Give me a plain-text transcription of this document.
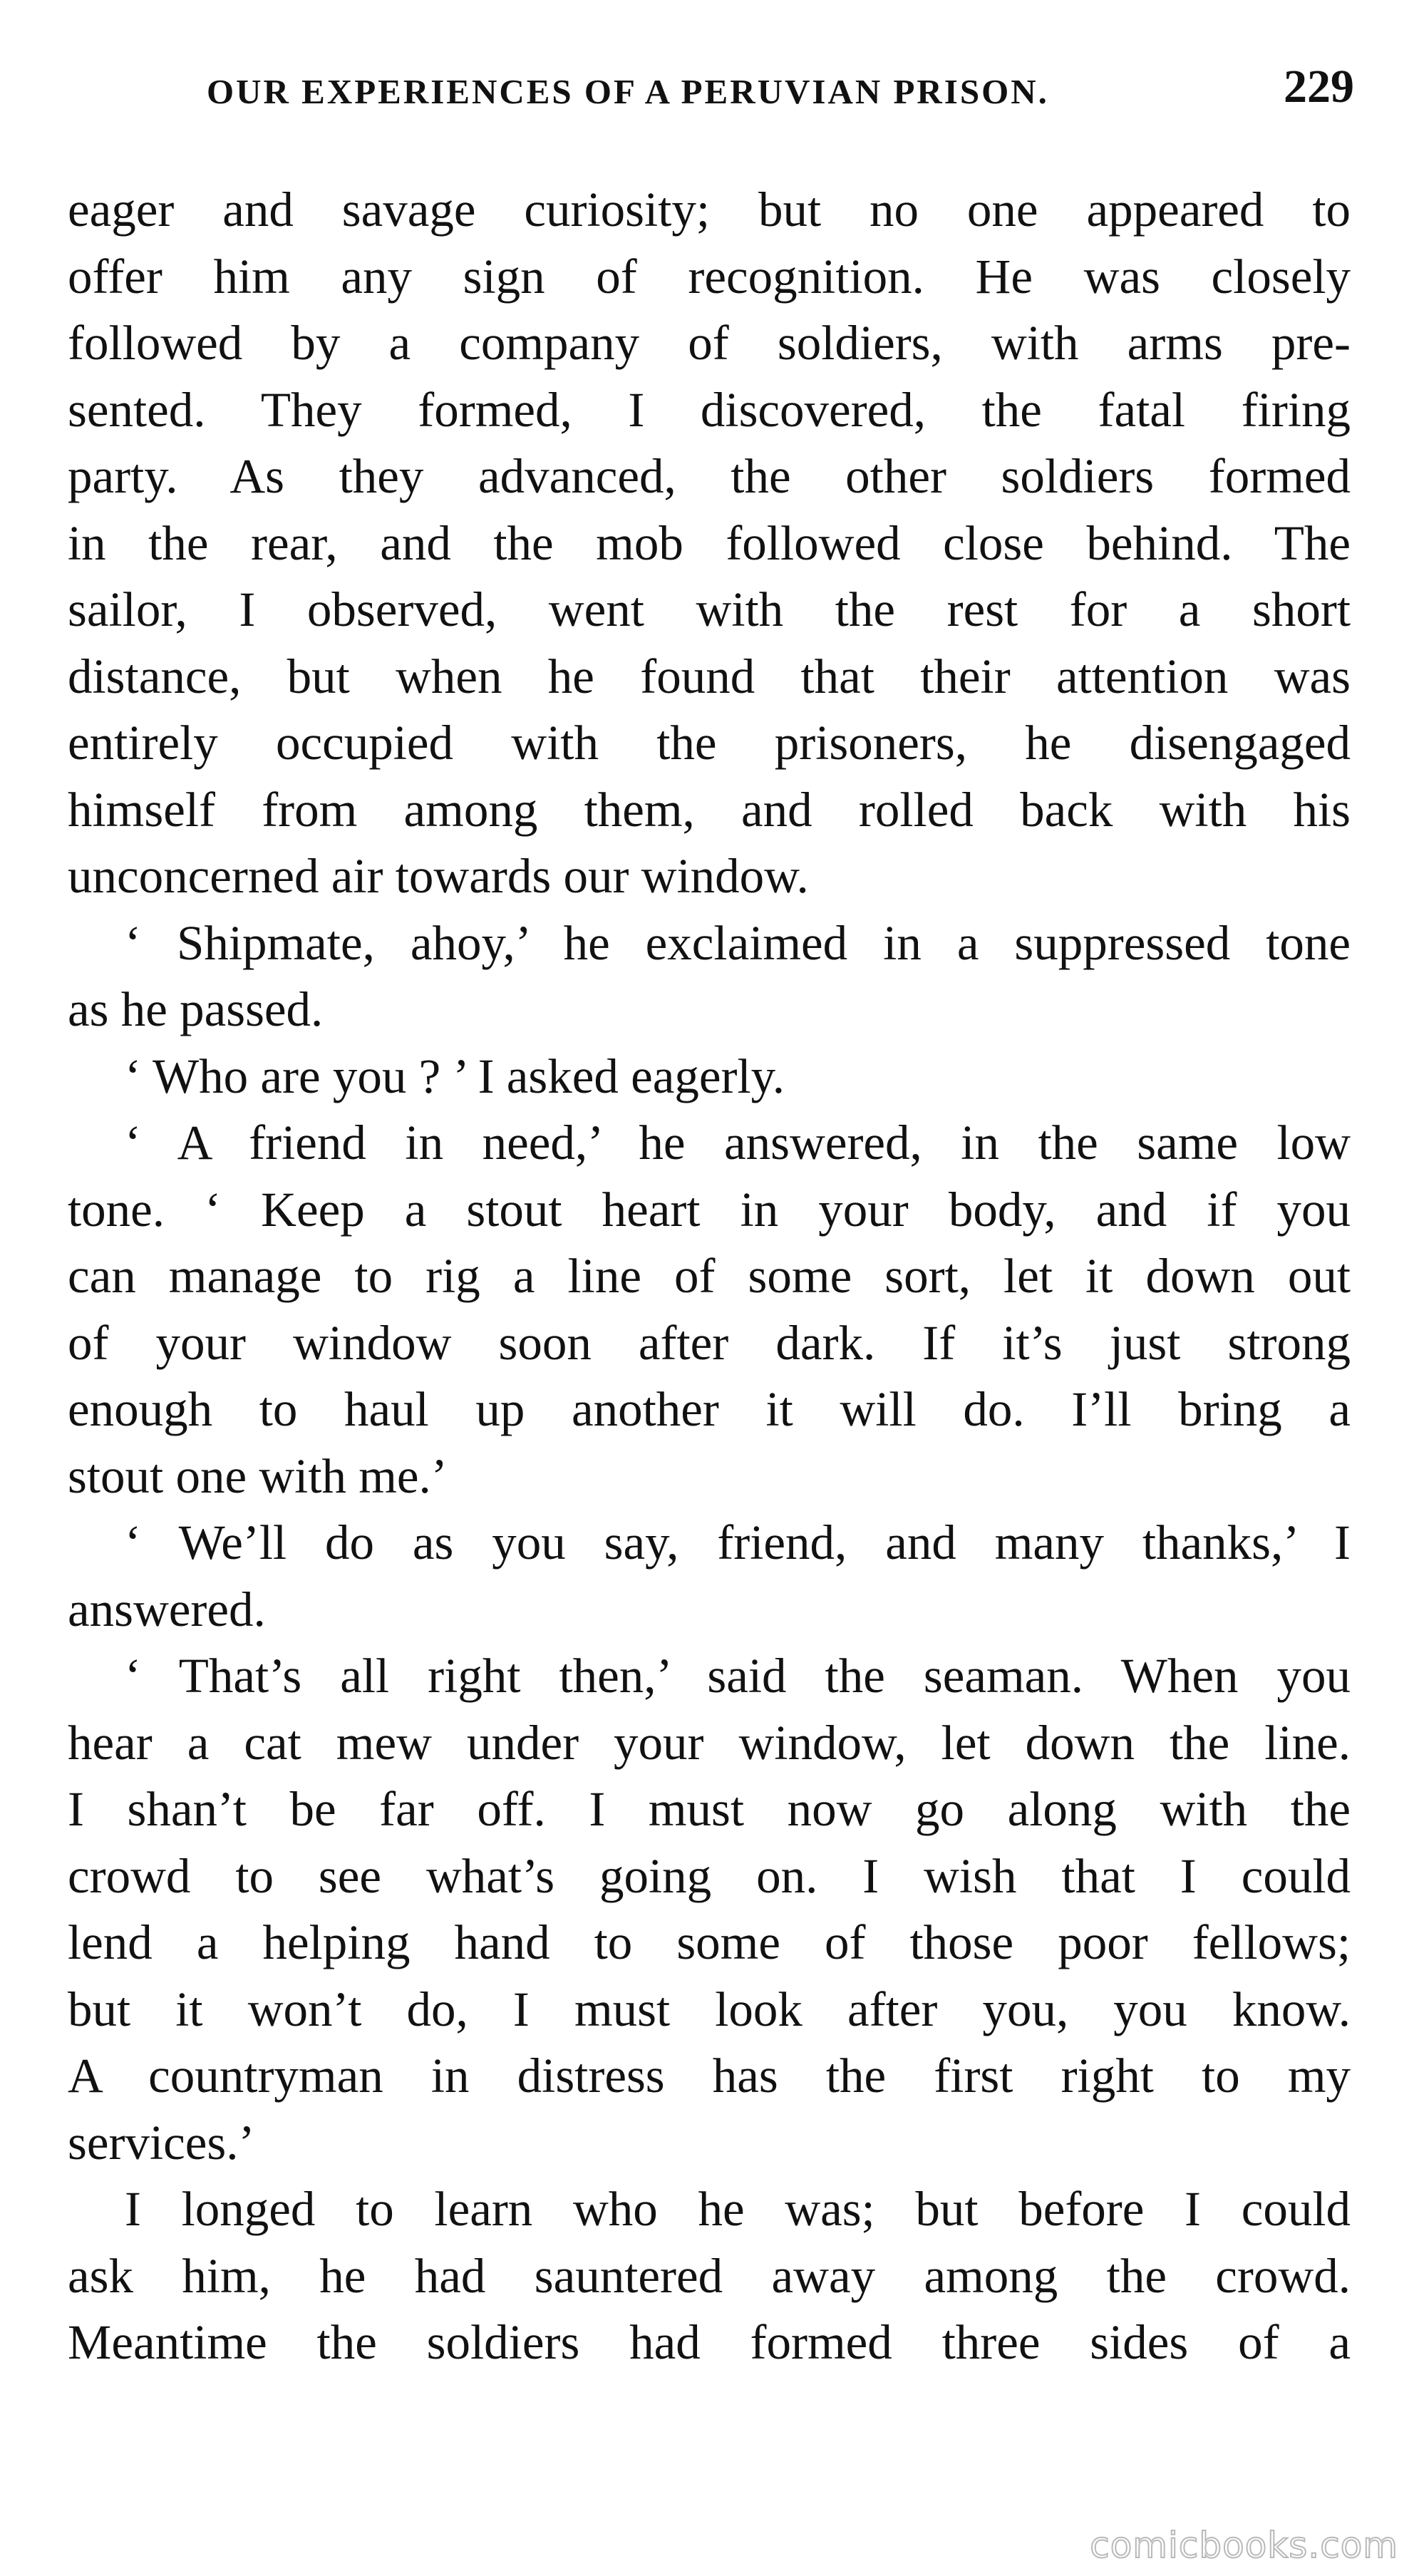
OUR EXPERIENCES OF A PERUVIAN PRISON.	229
eager and savage curiosity; but no one appeared to
offer him any sign of recognition. He was closely
followed by a company of soldiers, with arms pre-
sented. They formed, I discovered, the fatal firing
party. As they advanced, the other soldiers formed
in the rear, and the mob followed close behind. The
sailor, I observed, went with the rest for a short
distance, but when he found that their attention was
entirely occupied with the prisoners, he disengaged
himself from among them, and rolled back with his
unconcerned air towards our window.
‘ Shipmate, ahoy,’ he exclaimed in a suppressed tone
as he passed.
‘ Who are you ? ’ I asked eagerly.
‘ A friend in need,’ he answered, in the same low
tone. ‘ Keep a stout heart in your body, and if you
can manage to rig a line of some sort, let it down out
of your window soon after dark. If it’s just strong
enough to haul up another it will do. I’ll bring a
stout one with me.’
‘ We’ll do as you say, friend, and many thanks,’ I
answered.
‘ That’s all right then,’ said the seaman. When you
hear a cat mew under your window, let down the line.
I shan’t be far off. I must now go along with the
crowd to see what’s going on. I wish that I could
lend a helping hand to some of those poor fellows;
but it won’t do, I must look after you, you know.
A countryman in distress has the first right to my
services.’
I longed to learn who he was; but before I could
ask him, he had sauntered away among the crowd.
Meantime the soldiers had formed three sides of a
comicbooks.com
